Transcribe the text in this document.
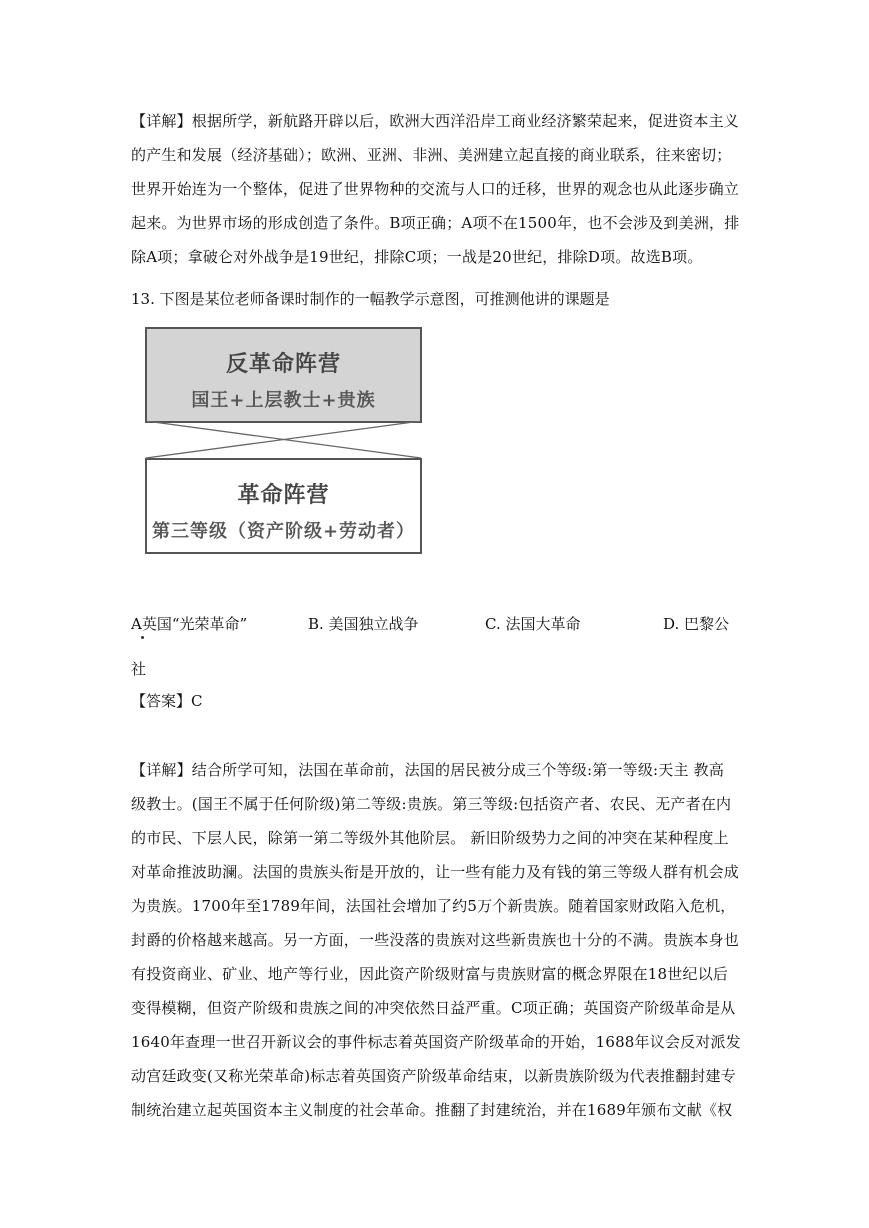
【详解】根据所学，新航路开辟以后，欧洲大西洋沿岸工商业经济繁荣起来，促进资本主义
的产生和发展（经济基础）；欧洲、亚洲、非洲、美洲建立起直接的商业联系，往来密切；
世界开始连为一个整体，促进了世界物种的交流与人口的迁移，世界的观念也从此逐步确立
起来。为世界市场的形成创造了条件。B项正确；A项不在1500年，也不会涉及到美洲，排
除A项；拿破仑对外战争是19世纪，排除C项；一战是20世纪，排除D项。故选B项。
13. 下图是某位老师备课时制作的一幅教学示意图，可推测他讲的课题是
反革命阵营
国王+上层教士+贵族
革命阵营
第三等级（资产阶级+劳动者）
A英国“光荣革命”	B. 美国独立战争	C. 法国大革命	D. 巴黎公
社
【答案】C
【详解】结合所学可知，法国在革命前，法国的居民被分成三个等级:第一等级:天主 教高
级教士。(国王不属于任何阶级)第二等级:贵族。第三等级:包括资产者、农民、无产者在内
的市民、下层人民，除第一第二等级外其他阶层。 新旧阶级势力之间的冲突在某种程度上
对革命推波助澜。法国的贵族头衔是开放的，让一些有能力及有钱的第三等级人群有机会成
为贵族。1700年至1789年间，法国社会增加了约5万个新贵族。随着国家财政陷入危机，
封爵的价格越来越高。另一方面，一些没落的贵族对这些新贵族也十分的不满。贵族本身也
有投资商业、矿业、地产等行业，因此资产阶级财富与贵族财富的概念界限在18世纪以后
变得模糊，但资产阶级和贵族之间的冲突依然日益严重。C项正确；英国资产阶级革命是从
1640年查理一世召开新议会的事件标志着英国资产阶级革命的开始，1688年议会反对派发
动宫廷政变(又称光荣革命)标志着英国资产阶级革命结束，以新贵族阶级为代表推翻封建专
制统治建立起英国资本主义制度的社会革命。推翻了封建统治，并在1689年颁布文献《权
